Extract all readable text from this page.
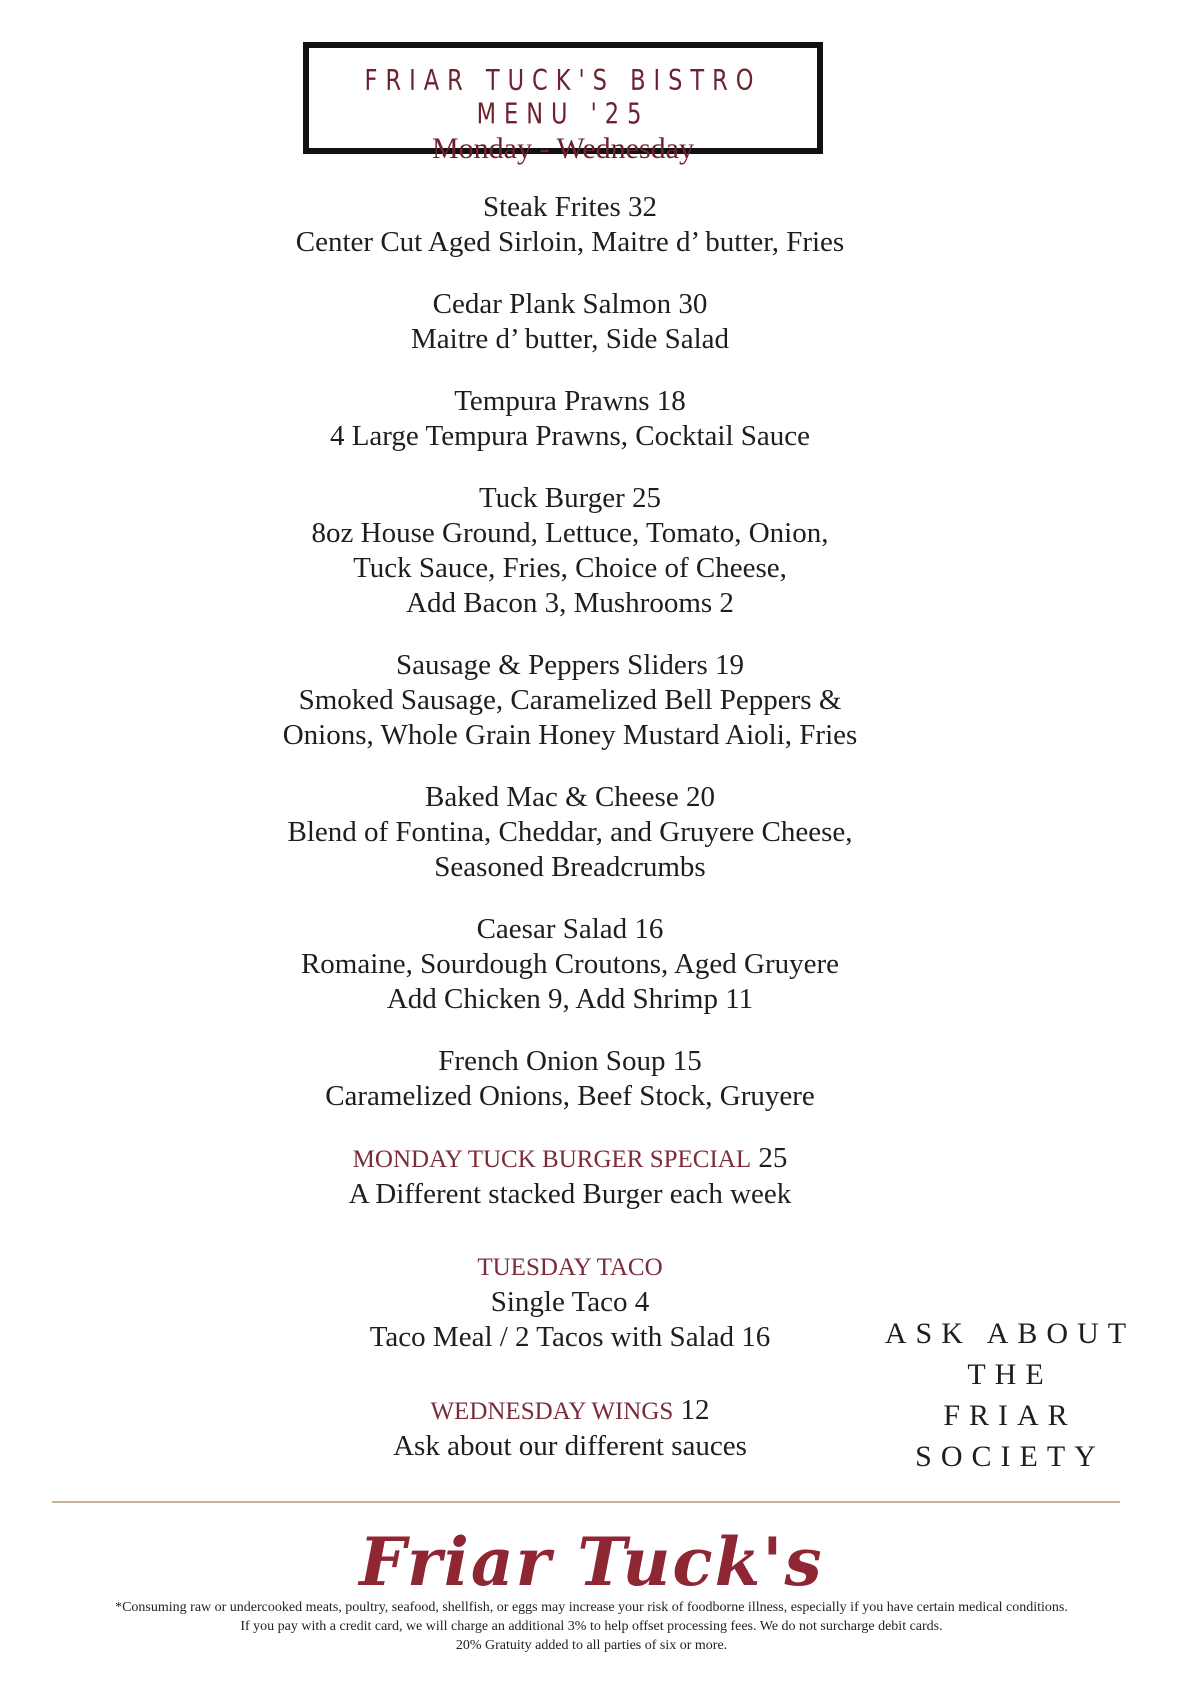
FRIAR TUCK'S BISTRO MENU '25
Monday - Wednesday
Steak Frites 32
Center Cut Aged Sirloin, Maitre d’ butter, Fries
Cedar Plank Salmon 30
Maitre d’ butter, Side Salad
Tempura Prawns 18
4 Large Tempura Prawns, Cocktail Sauce
Tuck Burger 25
8oz House Ground, Lettuce, Tomato, Onion,
Tuck Sauce, Fries, Choice of Cheese,
Add Bacon 3, Mushrooms 2
Sausage & Peppers Sliders 19
Smoked Sausage, Caramelized Bell Peppers &
Onions, Whole Grain Honey Mustard Aioli, Fries
Baked Mac & Cheese 20
Blend of Fontina, Cheddar, and Gruyere Cheese,
Seasoned Breadcrumbs
Caesar Salad 16
Romaine, Sourdough Croutons, Aged Gruyere
Add Chicken 9, Add Shrimp 11
French Onion Soup 15
Caramelized Onions, Beef Stock, Gruyere
MONDAY TUCK BURGER SPECIAL 25
A Different stacked Burger each week
TUESDAY TACO
Single Taco 4
Taco Meal / 2 Tacos with Salad 16
WEDNESDAY WINGS 12
Ask about our different sauces
ASK ABOUT
THE
FRIAR
SOCIETY
Friar Tuck's
*Consuming raw or undercooked meats, poultry, seafood, shellfish, or eggs may increase your risk of foodborne illness, especially if you have certain medical conditions.
If you pay with a credit card, we will charge an additional 3% to help offset processing fees. We do not surcharge debit cards.
20% Gratuity added to all parties of six or more.
